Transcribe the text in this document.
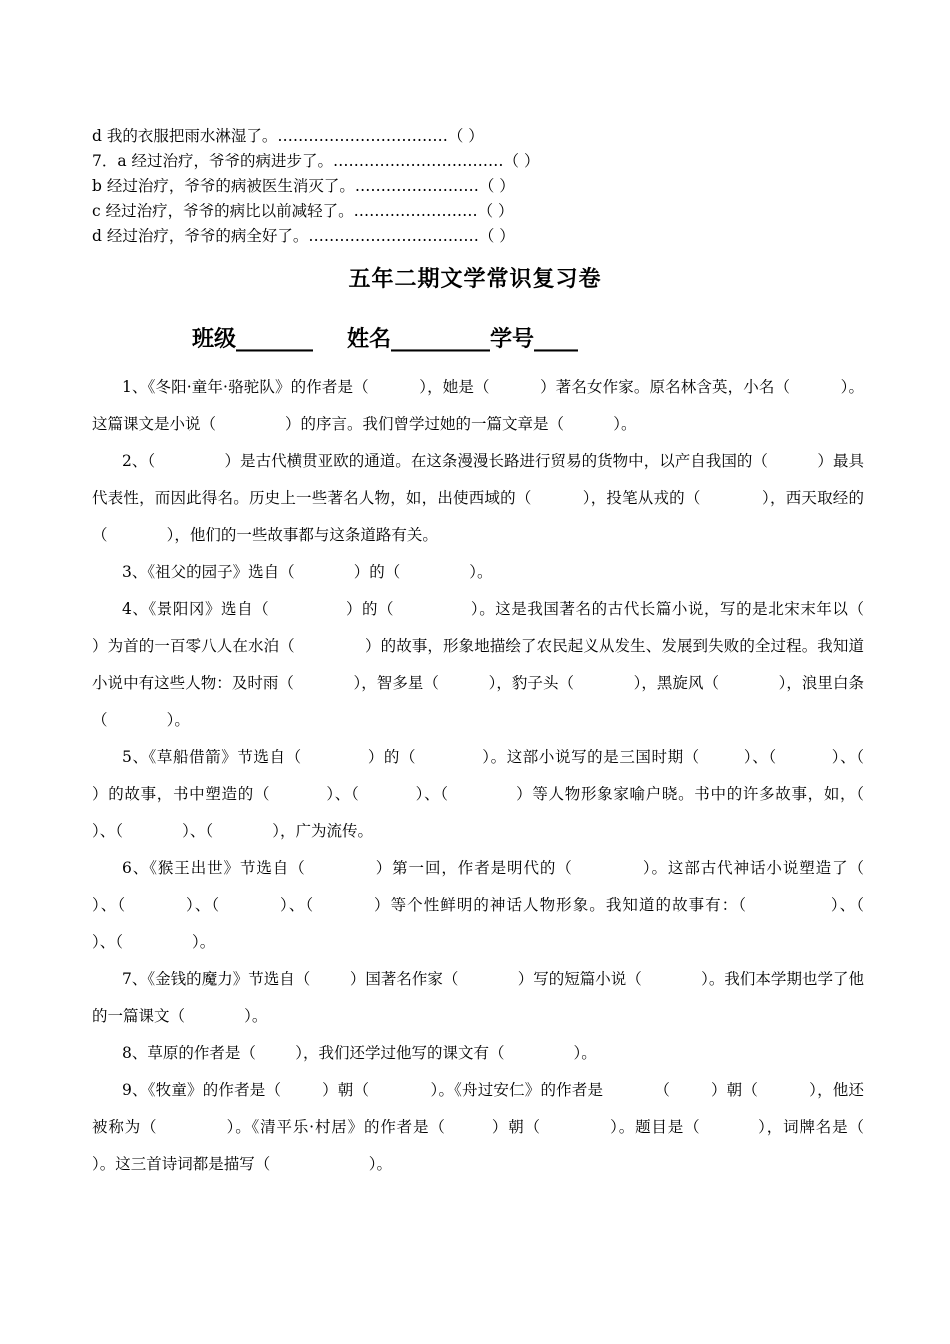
d 我的衣服把雨水淋湿了。……………………………（ ）
7．a 经过治疗，爷爷的病进步了。……………………………（ ）
b 经过治疗，爷爷的病被医生消灭了。……………………（ ）
c 经过治疗，爷爷的病比以前减轻了。……………………（ ）
d 经过治疗，爷爷的病全好了。……………………………（ ）
五年二期文学常识复习卷
班级_______ 姓名_________学号____

1、《冬阳·童年·骆驼队》的作者是（          ），她是（          ）著名女作家。原名林含英，小名（          ）。这篇课文是小说（              ）的序言。我们曾学过她的一篇文章是（          ）。

2、（              ）是古代横贯亚欧的通道。在这条漫漫长路进行贸易的货物中，以产自我国的（          ）最具代表性，而因此得名。历史上一些著名人物，如，出使西域的（          ），投笔从戎的（            ），西天取经的（            ），他们的一些故事都与这条道路有关。

3、《祖父的园子》选自（            ）的（              ）。

4、《景阳冈》选自（              ）的（              ）。这是我国著名的古代长篇小说，写的是北宋末年以（            ）为首的一百零八人在水泊（              ）的故事，形象地描绘了农民起义从发生、发展到失败的全过程。我知道小说中有这些人物：及时雨（            ），智多星（          ），豹子头（            ），黑旋风（            ），浪里白条（            ）。

5、《草船借箭》节选自（            ）的（            ）。这部小说写的是三国时期（        ）、（          ）、（          ）的故事，书中塑造的（          ）、（          ）、（            ）等人物形象家喻户晓。书中的许多故事，如，（            ）、（            ）、（            ），广为流传。

6、《猴王出世》节选自（            ）第一回，作者是明代的（            ）。这部古代神话小说塑造了（          ）、（          ）、（          ）、（          ）等个性鲜明的神话人物形象。我知道的故事有：（              ）、（              ）、（              ）。

7、《金钱的魔力》节选自（        ）国著名作家（            ）写的短篇小说（            ）。我们本学期也学了他的一篇课文（            ）。

8、草原的作者是（        ），我们还学过他写的课文有（              ）。

9、《牧童》的作者是（        ）朝（            ）。《舟过安仁》的作者是          （        ）朝（          ），他还被称为（            ）。《清平乐·村居》的作者是（        ）朝（            ）。题目是（          ），词牌名是（          ）。这三首诗词都是描写（                    ）。
